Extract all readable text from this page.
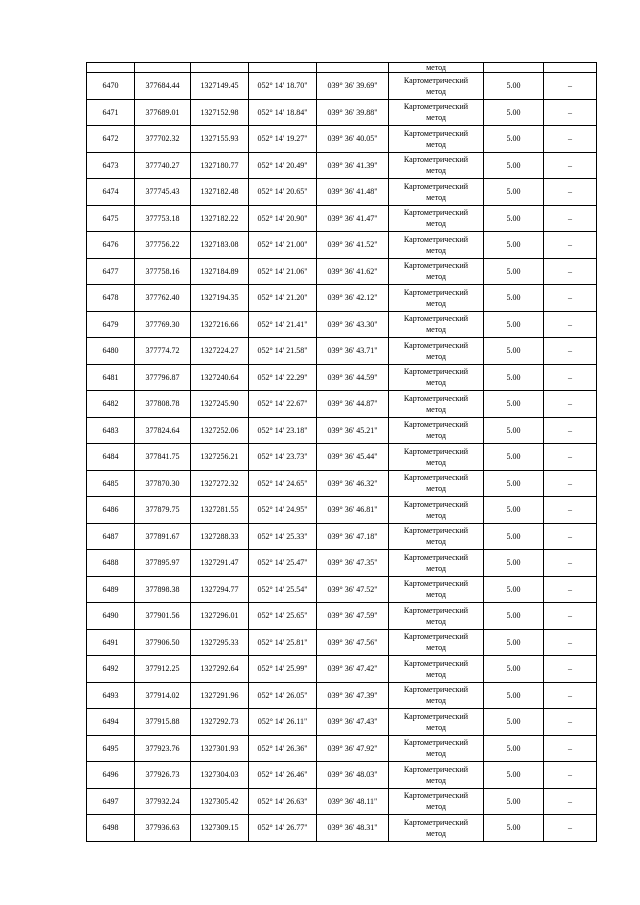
					метод		
6470	377684.44	1327149.45	052° 14' 18.70"	039° 36' 39.69"	Картометрический
метод	5.00	–
6471	377689.01	1327152.98	052° 14' 18.84"	039° 36' 39.88"	Картометрический
метод	5.00	–
6472	377702.32	1327155.93	052° 14' 19.27"	039° 36' 40.05"	Картометрический
метод	5.00	–
6473	377740.27	1327180.77	052° 14' 20.49"	039° 36' 41.39"	Картометрический
метод	5.00	–
6474	377745.43	1327182.48	052° 14' 20.65"	039° 36' 41.48"	Картометрический
метод	5.00	–
6475	377753.18	1327182.22	052° 14' 20.90"	039° 36' 41.47"	Картометрический
метод	5.00	–
6476	377756.22	1327183.08	052° 14' 21.00"	039° 36' 41.52"	Картометрический
метод	5.00	–
6477	377758.16	1327184.89	052° 14' 21.06"	039° 36' 41.62"	Картометрический
метод	5.00	–
6478	377762.40	1327194.35	052° 14' 21.20"	039° 36' 42.12"	Картометрический
метод	5.00	–
6479	377769.30	1327216.66	052° 14' 21.41"	039° 36' 43.30"	Картометрический
метод	5.00	–
6480	377774.72	1327224.27	052° 14' 21.58"	039° 36' 43.71"	Картометрический
метод	5.00	–
6481	377796.87	1327240.64	052° 14' 22.29"	039° 36' 44.59"	Картометрический
метод	5.00	–
6482	377808.78	1327245.90	052° 14' 22.67"	039° 36' 44.87"	Картометрический
метод	5.00	–
6483	377824.64	1327252.06	052° 14' 23.18"	039° 36' 45.21"	Картометрический
метод	5.00	–
6484	377841.75	1327256.21	052° 14' 23.73"	039° 36' 45.44"	Картометрический
метод	5.00	–
6485	377870.30	1327272.32	052° 14' 24.65"	039° 36' 46.32"	Картометрический
метод	5.00	–
6486	377879.75	1327281.55	052° 14' 24.95"	039° 36' 46.81"	Картометрический
метод	5.00	–
6487	377891.67	1327288.33	052° 14' 25.33"	039° 36' 47.18"	Картометрический
метод	5.00	–
6488	377895.97	1327291.47	052° 14' 25.47"	039° 36' 47.35"	Картометрический
метод	5.00	–
6489	377898.38	1327294.77	052° 14' 25.54"	039° 36' 47.52"	Картометрический
метод	5.00	–
6490	377901.56	1327296.01	052° 14' 25.65"	039° 36' 47.59"	Картометрический
метод	5.00	–
6491	377906.50	1327295.33	052° 14' 25.81"	039° 36' 47.56"	Картометрический
метод	5.00	–
6492	377912.25	1327292.64	052° 14' 25.99"	039° 36' 47.42"	Картометрический
метод	5.00	–
6493	377914.02	1327291.96	052° 14' 26.05"	039° 36' 47.39"	Картометрический
метод	5.00	–
6494	377915.88	1327292.73	052° 14' 26.11"	039° 36' 47.43"	Картометрический
метод	5.00	–
6495	377923.76	1327301.93	052° 14' 26.36"	039° 36' 47.92"	Картометрический
метод	5.00	–
6496	377926.73	1327304.03	052° 14' 26.46"	039° 36' 48.03"	Картометрический
метод	5.00	–
6497	377932.24	1327305.42	052° 14' 26.63"	039° 36' 48.11"	Картометрический
метод	5.00	–
6498	377936.63	1327309.15	052° 14' 26.77"	039° 36' 48.31"	Картометрический
метод	5.00	–
